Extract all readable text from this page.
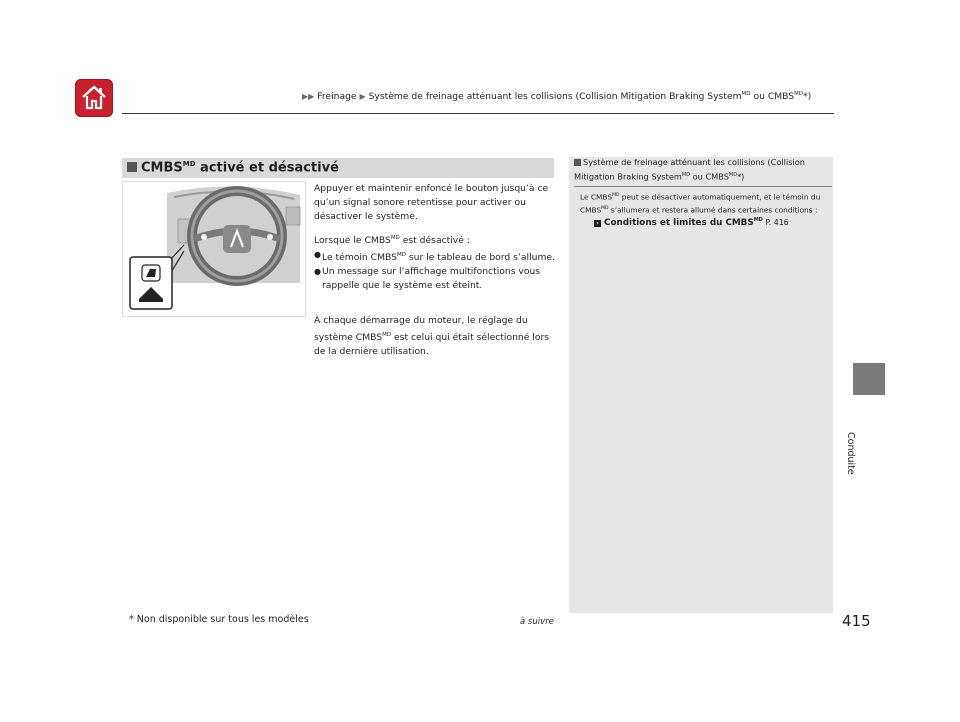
▶▶ Freinage ▶ Système de freinage atténuant les collisions (Collision Mitigation Braking System$^{MD}$ ou $CMBS^{MD}*$)
$CMBS^{MD}$ activé et désactivé

Appuyer et maintenir enfoncé le bouton jusqu’à ce qu’un signal sonore retentisse pour activer ou désactiver le système.

Lorsque le $CMBS^{MD}$ est désactivé :

● Le témoin $CMBS^{MD}$ sur le tableau de bord s’allume.
● Un message sur l’affichage multifonctions vous rappelle que le système est éteint.

À chaque démarrage du moteur, le réglage du système $CMBS^{MD}$ est celui qui était sélectionné lors de la dernière utilisation.

Système de freinage atténuant les collisions (Collision Mitigation Braking System$^{MD}$ ou $CMBS^{MD}*$)
Le $CMBS^{MD}$ peut se désactiver automatiquement, et le témoin du $CMBS^{MD}$ s’allumera et restera allumé dans certaines conditions :
› Conditions et limites du $CMBS^{MD}$ P. 416
Conduite
* Non disponible sur tous les modèles	à suivre	415
